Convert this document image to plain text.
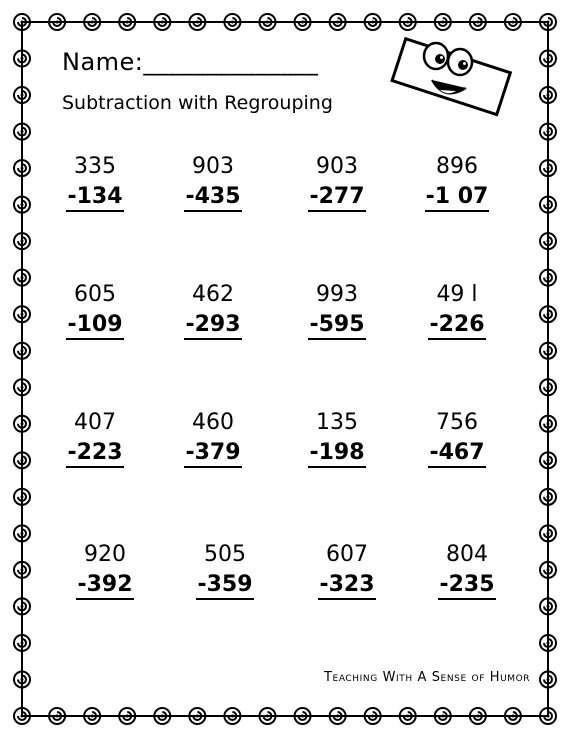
Name:______________
Subtraction with Regrouping
335
-134
903
-435
903
-277
896
-1 07
605
-109
462
-293
993
-595
49 l
-226
407
-223
460
-379
135
-198
756
-467
920
-392
505
-359
607
-323
804
-235
Teaching With A Sense of Humor
